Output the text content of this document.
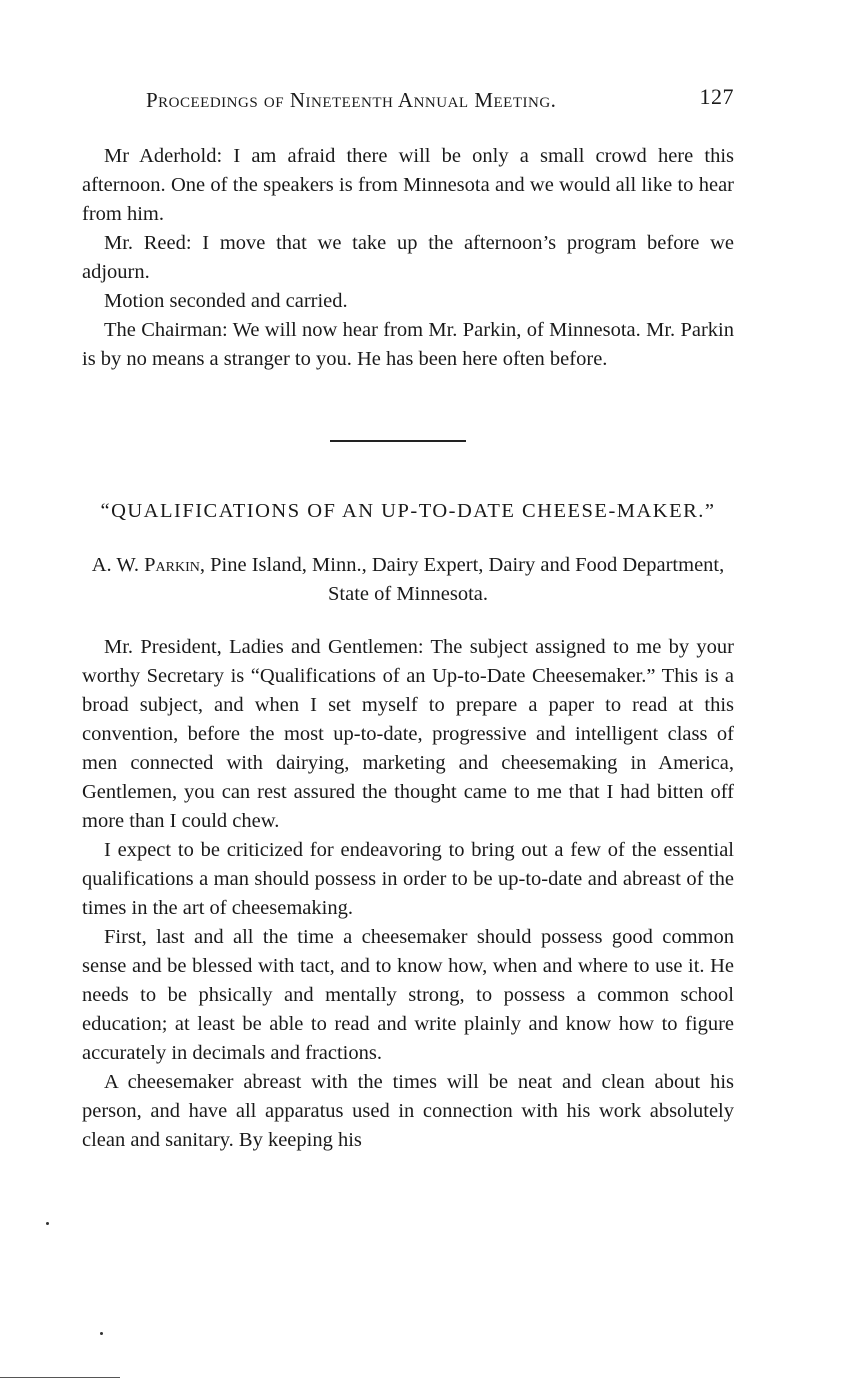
Proceedings of Nineteenth Annual Meeting.	127

Mr Aderhold: I am afraid there will be only a small crowd here this afternoon. One of the speakers is from Minnesota and we would all like to hear from him.

Mr. Reed: I move that we take up the afternoon’s program before we adjourn.

Motion seconded and carried.

The Chairman: We will now hear from Mr. Parkin, of Minnesota. Mr. Parkin is by no means a stranger to you. He has been here often before.

“QUALIFICATIONS OF AN UP-TO-DATE CHEESE-MAKER.”
A. W. Parkin, Pine Island, Minn., Dairy Expert, Dairy and Food Department, State of Minnesota.

Mr. President, Ladies and Gentlemen: The subject assigned to me by your worthy Secretary is “Qualifications of an Up-to-Date Cheesemaker.” This is a broad subject, and when I set myself to prepare a paper to read at this convention, before the most up-to-date, progressive and intelligent class of men connected with dairying, marketing and cheesemaking in America, Gentlemen, you can rest assured the thought came to me that I had bitten off more than I could chew.

I expect to be criticized for endeavoring to bring out a few of the essential qualifications a man should possess in order to be up-to-date and abreast of the times in the art of cheesemaking.

First, last and all the time a cheesemaker should possess good common sense and be blessed with tact, and to know how, when and where to use it. He needs to be phsically and mentally strong, to possess a common school education; at least be able to read and write plainly and know how to figure accurately in decimals and fractions.

A cheesemaker abreast with the times will be neat and clean about his person, and have all apparatus used in connection with his work absolutely clean and sanitary. By keeping his
